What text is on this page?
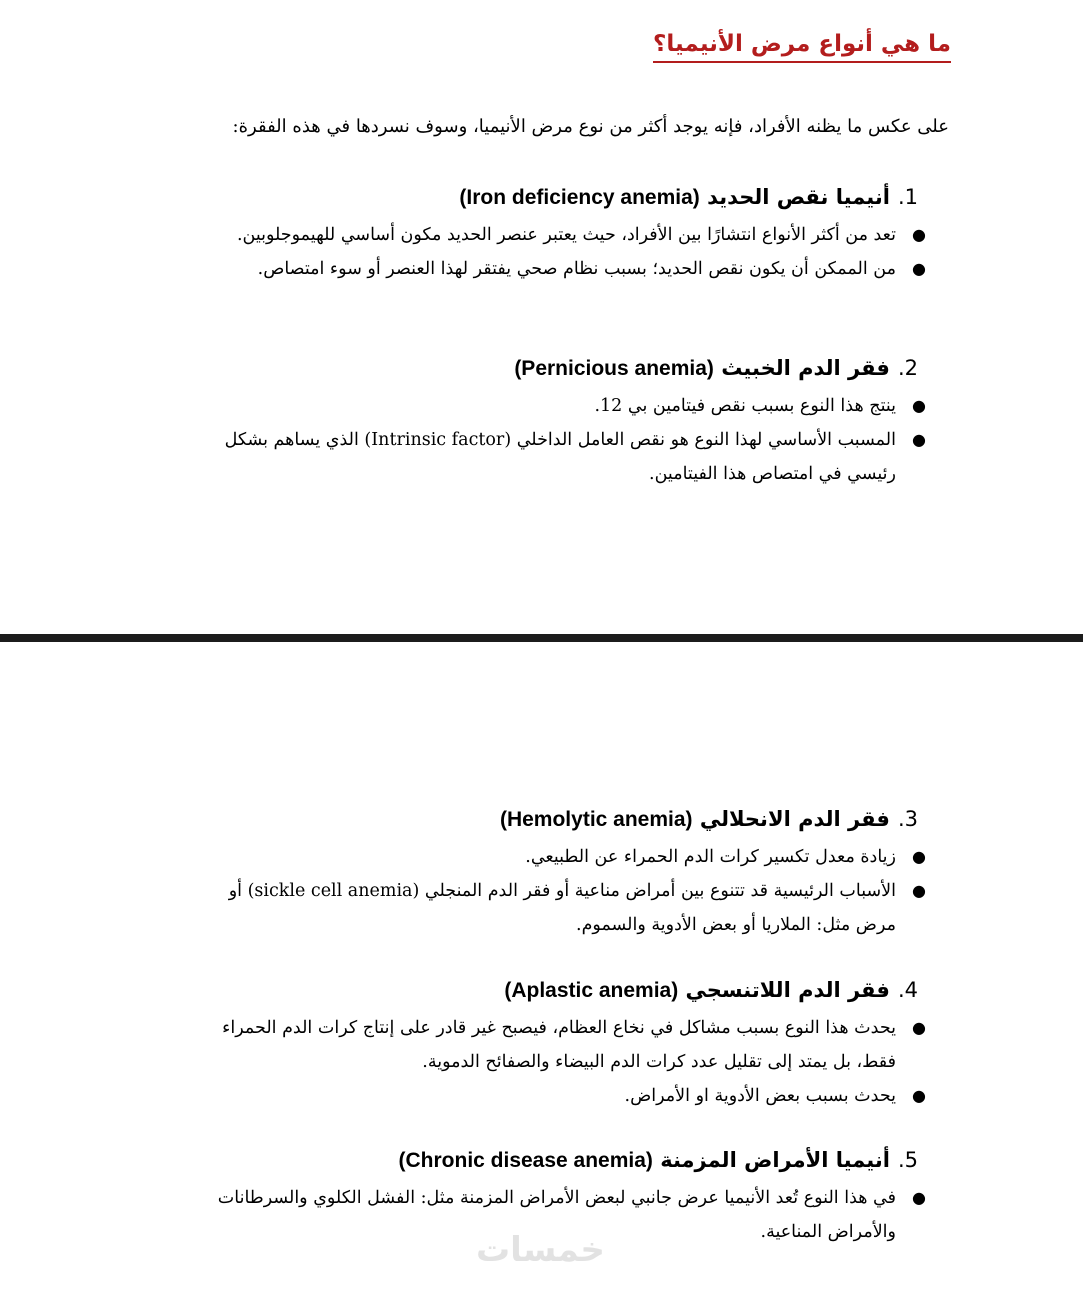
ما هي أنواع مرض الأنيميا؟

على عكس ما يظنه الأفراد، فإنه يوجد أكثر من نوع مرض الأنيميا، وسوف نسردها في هذه الفقرة:

1.أنيميا نقص الحديد (Iron deficiency anemia)
●
تعد من أكثر الأنواع انتشارًا بين الأفراد، حيث يعتبر عنصر الحديد مكون أساسي للهيموجلوبين.
●
من الممكن أن يكون نقص الحديد؛ بسبب نظام صحي يفتقر لهذا العنصر أو سوء امتصاص.
2.فقر الدم الخبيث (Pernicious anemia)
●
ينتج هذا النوع بسبب نقص فيتامين بي 12.
●
المسبب الأساسي لهذا النوع هو نقص العامل الداخلي (Intrinsic factor) الذي يساهم بشكل رئيسي في امتصاص هذا الفيتامين.
3.فقر الدم الانحلالي (Hemolytic anemia)
●
زيادة معدل تكسير كرات الدم الحمراء عن الطبيعي.
●
الأسباب الرئيسية قد تتنوع بين أمراض مناعية أو فقر الدم المنجلي (sickle cell anemia) أو مرض مثل: الملاريا أو بعض الأدوية والسموم.
4.فقر الدم اللاتنسجي (Aplastic anemia)
●
يحدث هذا النوع بسبب مشاكل في نخاع العظام، فيصبح غير قادر على إنتاج كرات الدم الحمراء فقط، بل يمتد إلى تقليل عدد كرات الدم البيضاء والصفائح الدموية.
●
يحدث بسبب بعض الأدوية او الأمراض.
5.أنيميا الأمراض المزمنة (Chronic disease anemia)
●
في هذا النوع تُعد الأنيميا عرض جانبي لبعض الأمراض المزمنة مثل: الفشل الكلوي والسرطانات والأمراض المناعية.
خمسات
